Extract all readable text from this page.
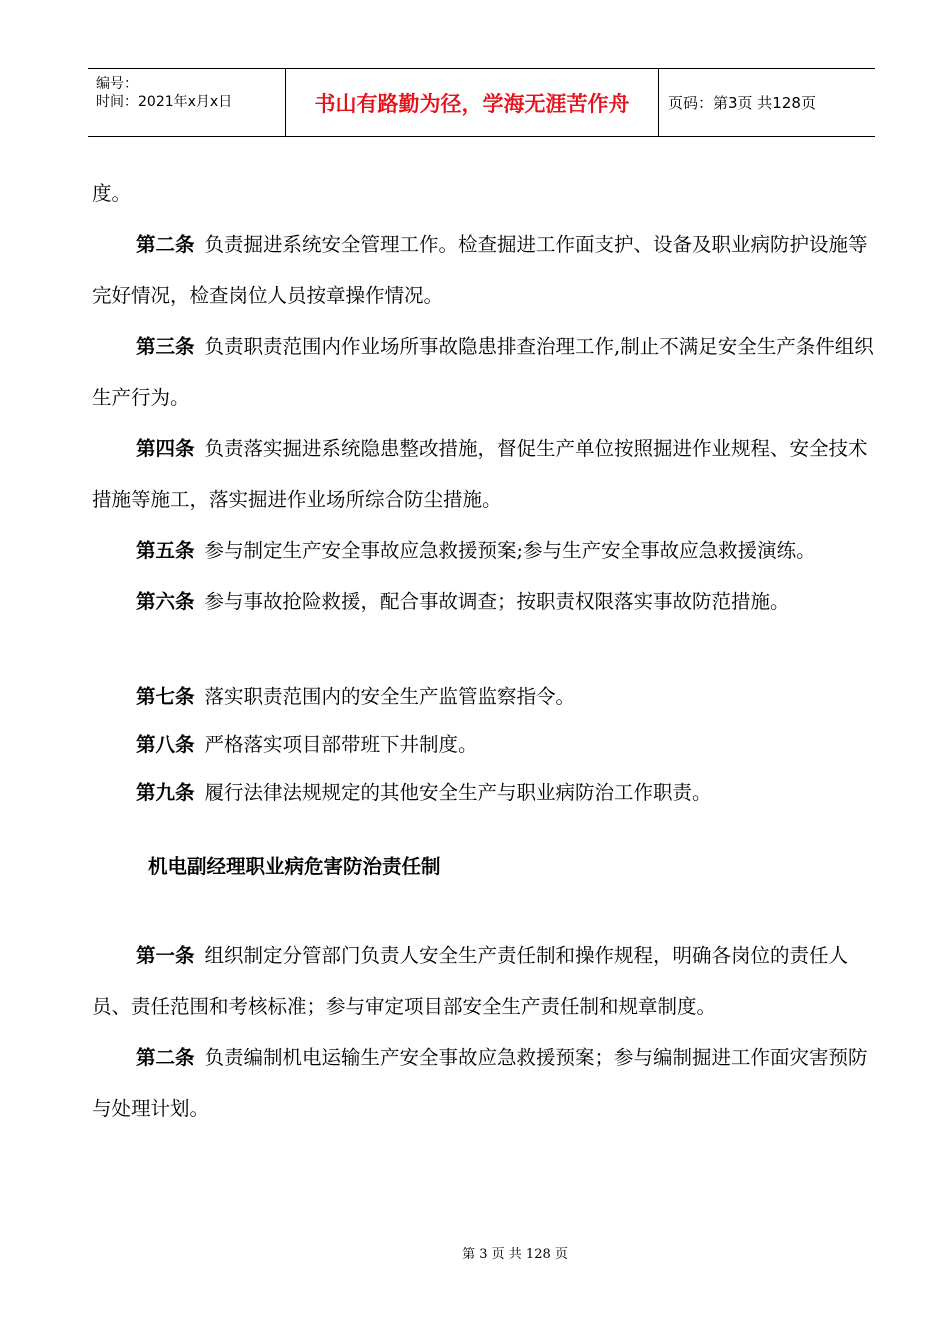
编号：
时间：2021年x月x日	书山有路勤为径，学海无涯苦作舟	页码：第3页 共128页

度。

第二条 负责掘进系统安全管理工作。检查掘进工作面支护、设备及职业病防护设施等完好情况，检查岗位人员按章操作情况。

第三条 负责职责范围内作业场所事故隐患排查治理工作,制止不满足安全生产条件组织生产行为。

第四条 负责落实掘进系统隐患整改措施，督促生产单位按照掘进作业规程、安全技术措施等施工，落实掘进作业场所综合防尘措施。

第五条 参与制定生产安全事故应急救援预案;参与生产安全事故应急救援演练。

第六条 参与事故抢险救援，配合事故调查；按职责权限落实事故防范措施。

第七条 落实职责范围内的安全生产监管监察指令。

第八条 严格落实项目部带班下井制度。

第九条 履行法律法规规定的其他安全生产与职业病防治工作职责。

机电副经理职业病危害防治责任制

第一条 组织制定分管部门负责人安全生产责任制和操作规程，明确各岗位的责任人员、责任范围和考核标准；参与审定项目部安全生产责任制和规章制度。

第二条 负责编制机电运输生产安全事故应急救援预案；参与编制掘进工作面灾害预防与处理计划。

第 3 页 共 128 页
